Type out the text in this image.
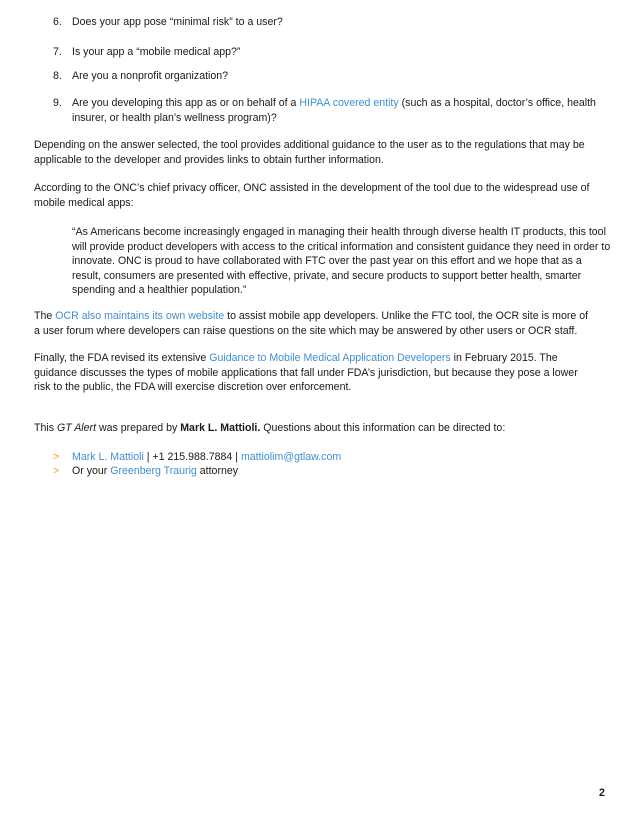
6. Does your app pose “minimal risk” to a user?
7. Is your app a “mobile medical app?”
8. Are you a nonprofit organization?
9. Are you developing this app as or on behalf of a HIPAA covered entity (such as a hospital, doctor’s office, health insurer, or health plan’s wellness program)?

Depending on the answer selected, the tool provides additional guidance to the user as to the regulations that may be applicable to the developer and provides links to obtain further information.

According to the ONC’s chief privacy officer, ONC assisted in the development of the tool due to the widespread use of mobile medical apps:

“As Americans become increasingly engaged in managing their health through diverse health IT products, this tool will provide product developers with access to the critical information and consistent guidance they need in order to innovate. ONC is proud to have collaborated with FTC over the past year on this effort and we hope that as a result, consumers are presented with effective, private, and secure products to support better health, smarter spending and a healthier population.”

The OCR also maintains its own website to assist mobile app developers. Unlike the FTC tool, the OCR site is more of a user forum where developers can raise questions on the site which may be answered by other users or OCR staff.

Finally, the FDA revised its extensive Guidance to Mobile Medical Application Developers in February 2015. The guidance discusses the types of mobile applications that fall under FDA’s jurisdiction, but because they pose a lower risk to the public, the FDA will exercise discretion over enforcement.

This GT Alert was prepared by Mark L. Mattioli. Questions about this information can be directed to:

> Mark L. Mattioli | +1 215.988.7884 | mattiolim@gtlaw.com
> Or your Greenberg Traurig attorney
2
